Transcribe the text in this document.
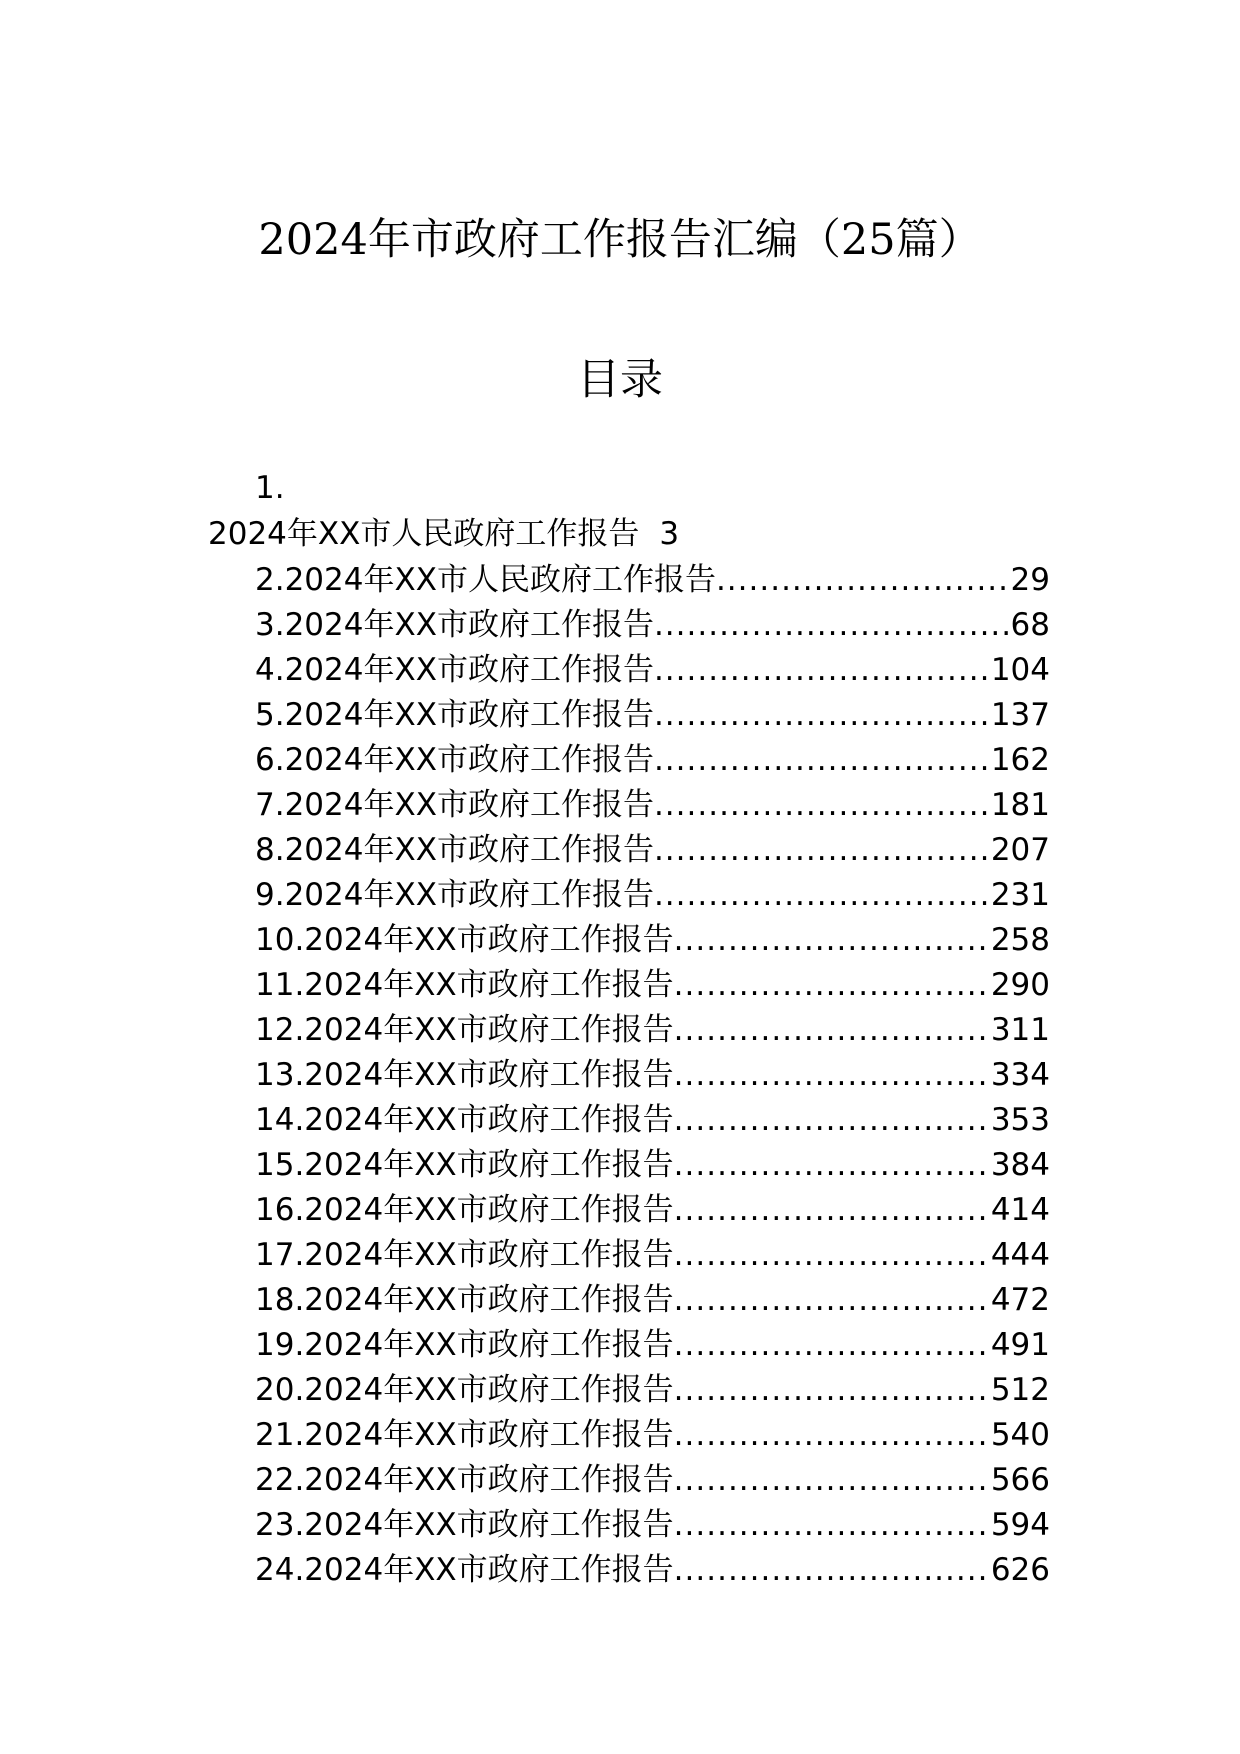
2024年市政府工作报告汇编（25篇）
目录
1.
2024年XX市人民政府工作报告 3
2.2024年XX市人民政府工作报告 .....	29
3.2024年XX市政府工作报告 .....	68
4.2024年XX市政府工作报告 .....	104
5.2024年XX市政府工作报告 .....	137
6.2024年XX市政府工作报告 .....	162
7.2024年XX市政府工作报告 .....	181
8.2024年XX市政府工作报告 .....	207
9.2024年XX市政府工作报告 .....	231
10.2024年XX市政府工作报告 .....	258
11.2024年XX市政府工作报告 .....	290
12.2024年XX市政府工作报告 .....	311
13.2024年XX市政府工作报告 .....	334
14.2024年XX市政府工作报告 .....	353
15.2024年XX市政府工作报告 .....	384
16.2024年XX市政府工作报告 .....	414
17.2024年XX市政府工作报告 .....	444
18.2024年XX市政府工作报告 .....	472
19.2024年XX市政府工作报告 .....	491
20.2024年XX市政府工作报告 .....	512
21.2024年XX市政府工作报告 .....	540
22.2024年XX市政府工作报告 .....	566
23.2024年XX市政府工作报告 .....	594
24.2024年XX市政府工作报告 .....	626
